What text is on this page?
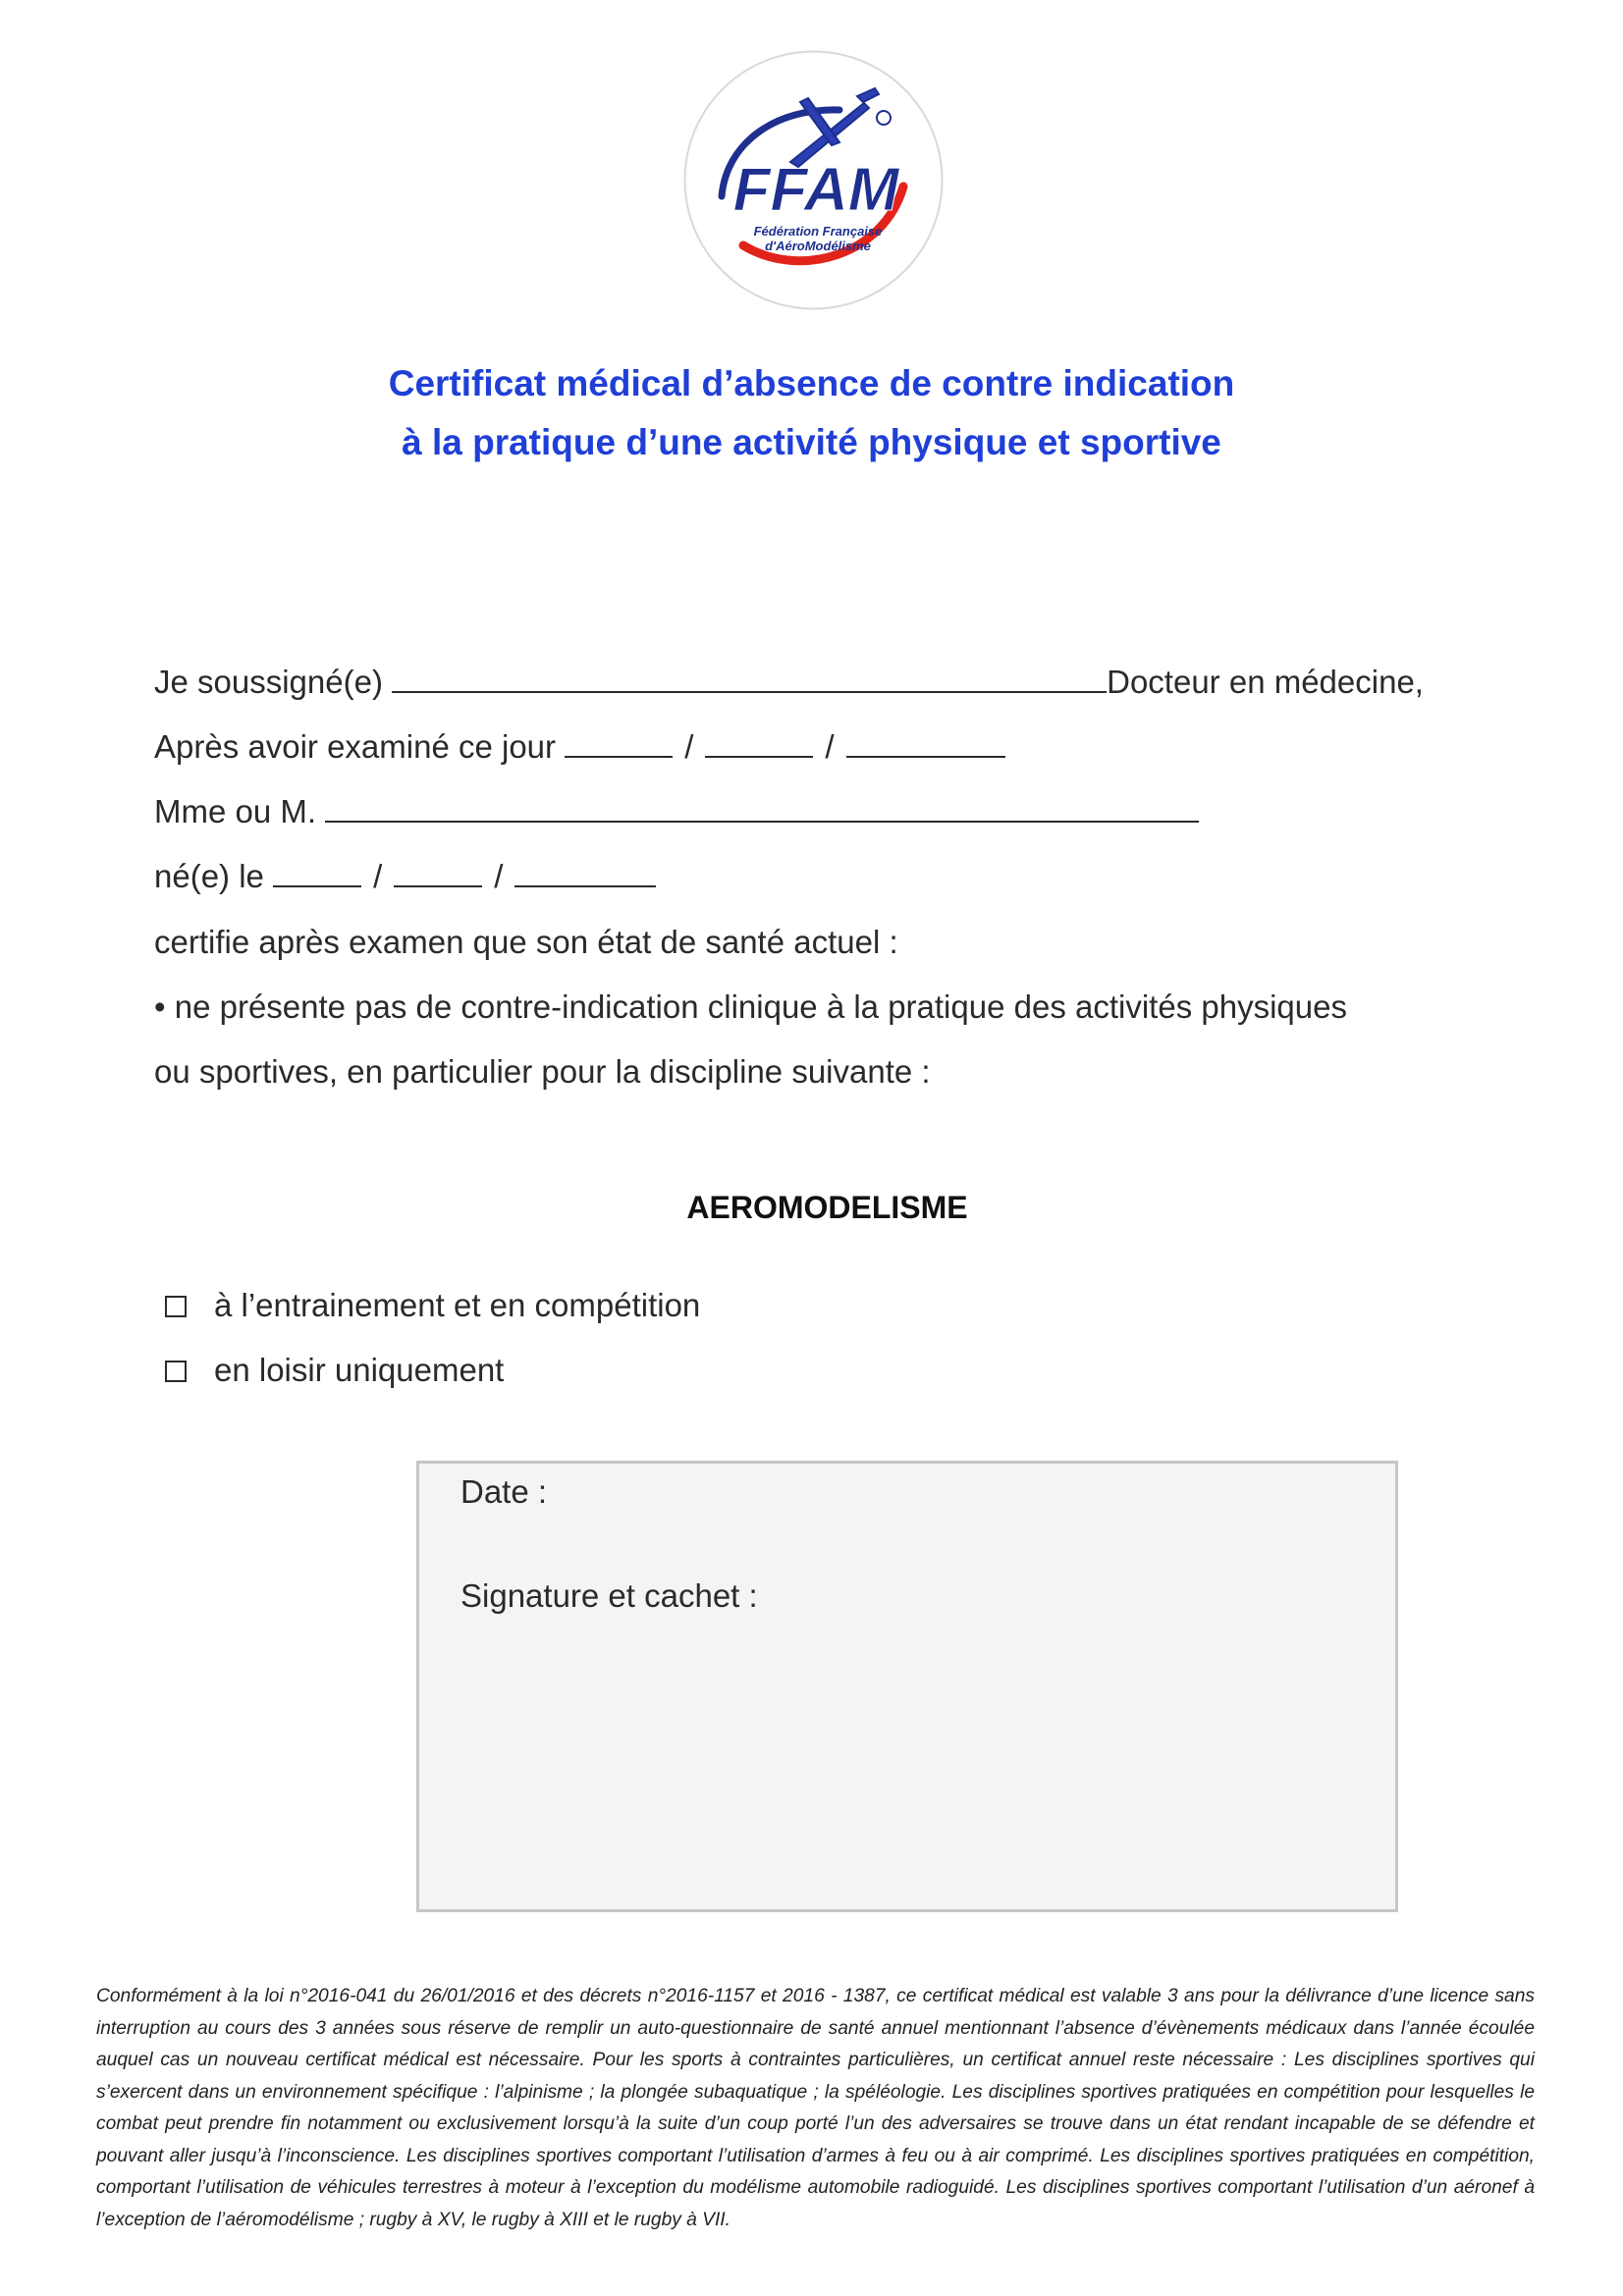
FFAM
Fédération Française
d'AéroModélisme
Certificat médical d’absence de contre indication
à la pratique d’une activité physique et sportive
Je soussigné(e)	Docteur en médecine,
Après avoir examiné ce jour	/	/
Mme ou M.
né(e) le	/	/
certifie après examen que son état de santé actuel :
• ne présente pas de contre-indication clinique à la pratique des activités physiques
ou sportives, en particulier pour la discipline suivante :
AEROMODELISME
à l’entrainement et en compétition
en loisir uniquement
Date :
Signature et cachet :
Conformément à la loi n°2016-041 du 26/01/2016 et des décrets n°2016-1157 et 2016 - 1387, ce certificat médical est valable 3 ans pour la délivrance d’une licence sans interruption au cours des 3 années sous réserve de remplir un auto-questionnaire de santé annuel mentionnant l’absence d’évènements médicaux dans l’année écoulée auquel cas un nouveau certificat médical est nécessaire. Pour les sports à contraintes particulières, un certificat annuel reste nécessaire : Les disciplines sportives qui s’exercent dans un environnement spécifique : l’alpinisme ; la plongée subaquatique ; la spéléologie. Les disciplines sportives pratiquées en compétition pour lesquelles le combat peut prendre fin notamment ou exclusivement lorsqu’à la suite d’un coup porté l’un des adversaires se trouve dans un état rendant incapable de se défendre et pouvant aller jusqu’à l’inconscience. Les disciplines sportives comportant l’utilisation d’armes à feu ou à air comprimé. Les disciplines sportives pratiquées en compétition, comportant l’utilisation de véhicules terrestres à moteur à l’exception du modélisme automobile radioguidé. Les disciplines sportives comportant l’utilisation d’un aéronef à l’exception de l’aéromodélisme ; rugby à XV, le rugby à XIII et le rugby à VII.
